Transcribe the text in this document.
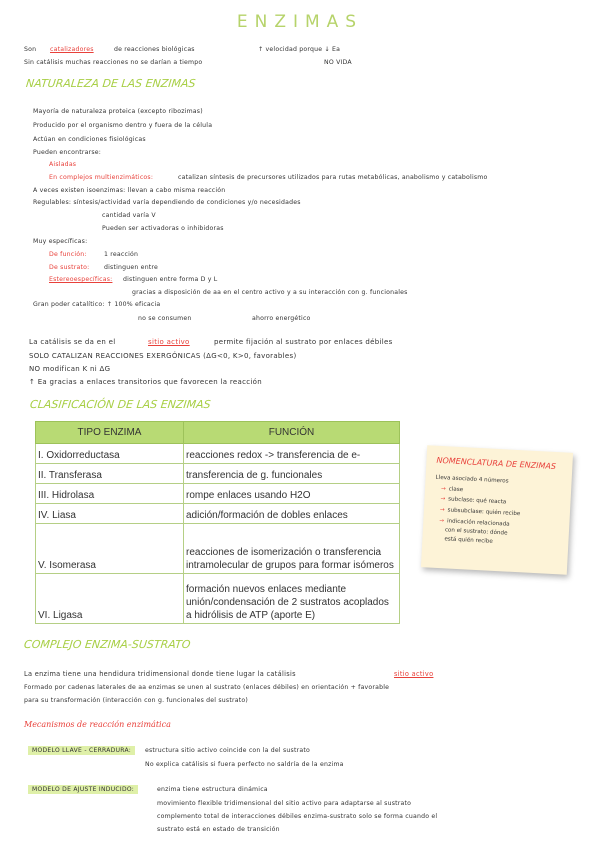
ENZIMAS
Son catalizadores	de reacciones biológicas	↑ velocidad porque ↓ Ea
Sin catálisis muchas reacciones no se darían a tiempo	NO VIDA
NATURALEZA DE LAS ENZIMAS
Mayoría de naturaleza proteica (excepto ribozimas)
Producido por el organismo dentro y fuera de la célula
Actúan en condiciones fisiológicas
Pueden encontrarse:
Aisladas
En complejos multienzimáticos:	catalizan síntesis de precursores utilizados para rutas metabólicas, anabolismo y catabolismo
A veces existen isoenzimas: llevan a cabo misma reacción
Regulables: síntesis/actividad varía dependiendo de condiciones y/o necesidades
cantidad varía V
Pueden ser activadoras o inhibidoras
Muy específicas:
De función:	1 reacción
De sustrato: distinguen entre
Estereoespecíficas: distinguen entre forma D y L
gracias a disposición de aa en el centro activo y a su interacción con g. funcionales
Gran poder catalítico: ↑ 100% eficacia
no se consumen	ahorro energético
La catálisis se da en el	sitio activo	permite fijación al sustrato por enlaces débiles
SOLO CATALIZAN REACCIONES EXERGÓNICAS (ΔG<0, K>0, favorables)
NO modifican K ni ΔG
↑ Ea gracias a enlaces transitorios que favorecen la reacción
CLASIFICACIÓN DE LAS ENZIMAS
TIPO ENZIMA	FUNCIÓN
I. Oxidorreductasa	reacciones redox -> transferencia de e-
II. Transferasa	transferencia de g. funcionales
III. Hidrolasa	rompe enlaces usando H2O
IV. Liasa	adición/formación de dobles enlaces
V. Isomerasa	reacciones de isomerización o transferencia intramolecular de grupos para formar isómeros
VI. Ligasa	formación nuevos enlaces mediante unión/condensación de 2 sustratos acoplados a hidrólisis de ATP (aporte E)
NOMENCLATURA DE ENZIMAS
Lleva asociado 4 números
→ clase
→ subclase: qué reacta
→ subsubclase: quién recibe
→ indicación relacionada
con el sustrato: dónde
está quién recibe
COMPLEJO ENZIMA-SUSTRATO
La enzima tiene una hendidura tridimensional donde tiene lugar la catálisis	sitio activo
Formado por cadenas laterales de aa enzimas se unen al sustrato (enlaces débiles) en orientación + favorable
para su transformación (interacción con g. funcionales del sustrato)
Mecanismos de reacción enzimática
MODELO LLAVE - CERRADURA:	estructura sitio activo coincide con la del sustrato
No explica catálisis si fuera perfecto no saldría de la enzima
MODELO DE AJUSTE INDUCIDO:	enzima tiene estructura dinámica
movimiento flexible tridimensional del sitio activo para adaptarse al sustrato
complemento total de interacciones débiles enzima-sustrato solo se forma cuando el
sustrato está en estado de transición
